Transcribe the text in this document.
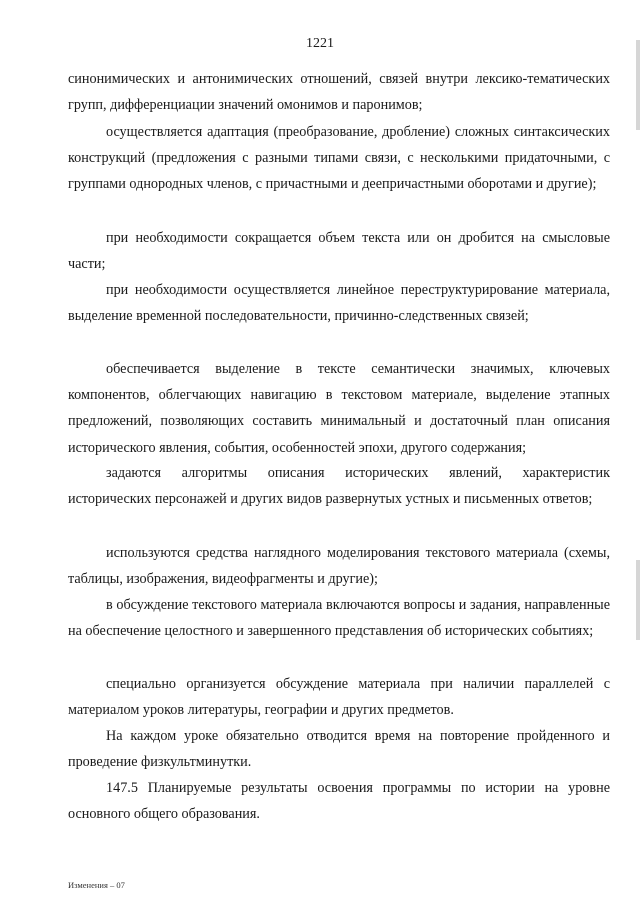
1221

синонимических и антонимических отношений, связей внутри лексико-тематических групп, дифференциации значений омонимов и паронимов;

осуществляется адаптация (преобразование, дробление) сложных синтаксических конструкций (предложения с разными типами связи, с несколькими придаточными, с группами однородных членов, с причастными и деепричастными оборотами и другие);

при необходимости сокращается объем текста или он дробится на смысловые части;

при необходимости осуществляется линейное переструктурирование материала, выделение временной последовательности, причинно-следственных связей;

обеспечивается выделение в тексте семантически значимых, ключевых компонентов, облегчающих навигацию в текстовом материале, выделение этапных предложений, позволяющих составить минимальный и достаточный план описания исторического явления, события, особенностей эпохи, другого содержания;

задаются алгоритмы описания исторических явлений, характеристик исторических персонажей и других видов развернутых устных и письменных ответов;

используются средства наглядного моделирования текстового материала (схемы, таблицы, изображения, видеофрагменты и другие);

в обсуждение текстового материала включаются вопросы и задания, направленные на обеспечение целостного и завершенного представления об исторических событиях;

специально организуется обсуждение материала при наличии параллелей с материалом уроков литературы, географии и других предметов.

На каждом уроке обязательно отводится время на повторение пройденного и проведение физкультминутки.

147.5 Планируемые результаты освоения программы по истории на уровне основного общего образования.

Изменения – 07
